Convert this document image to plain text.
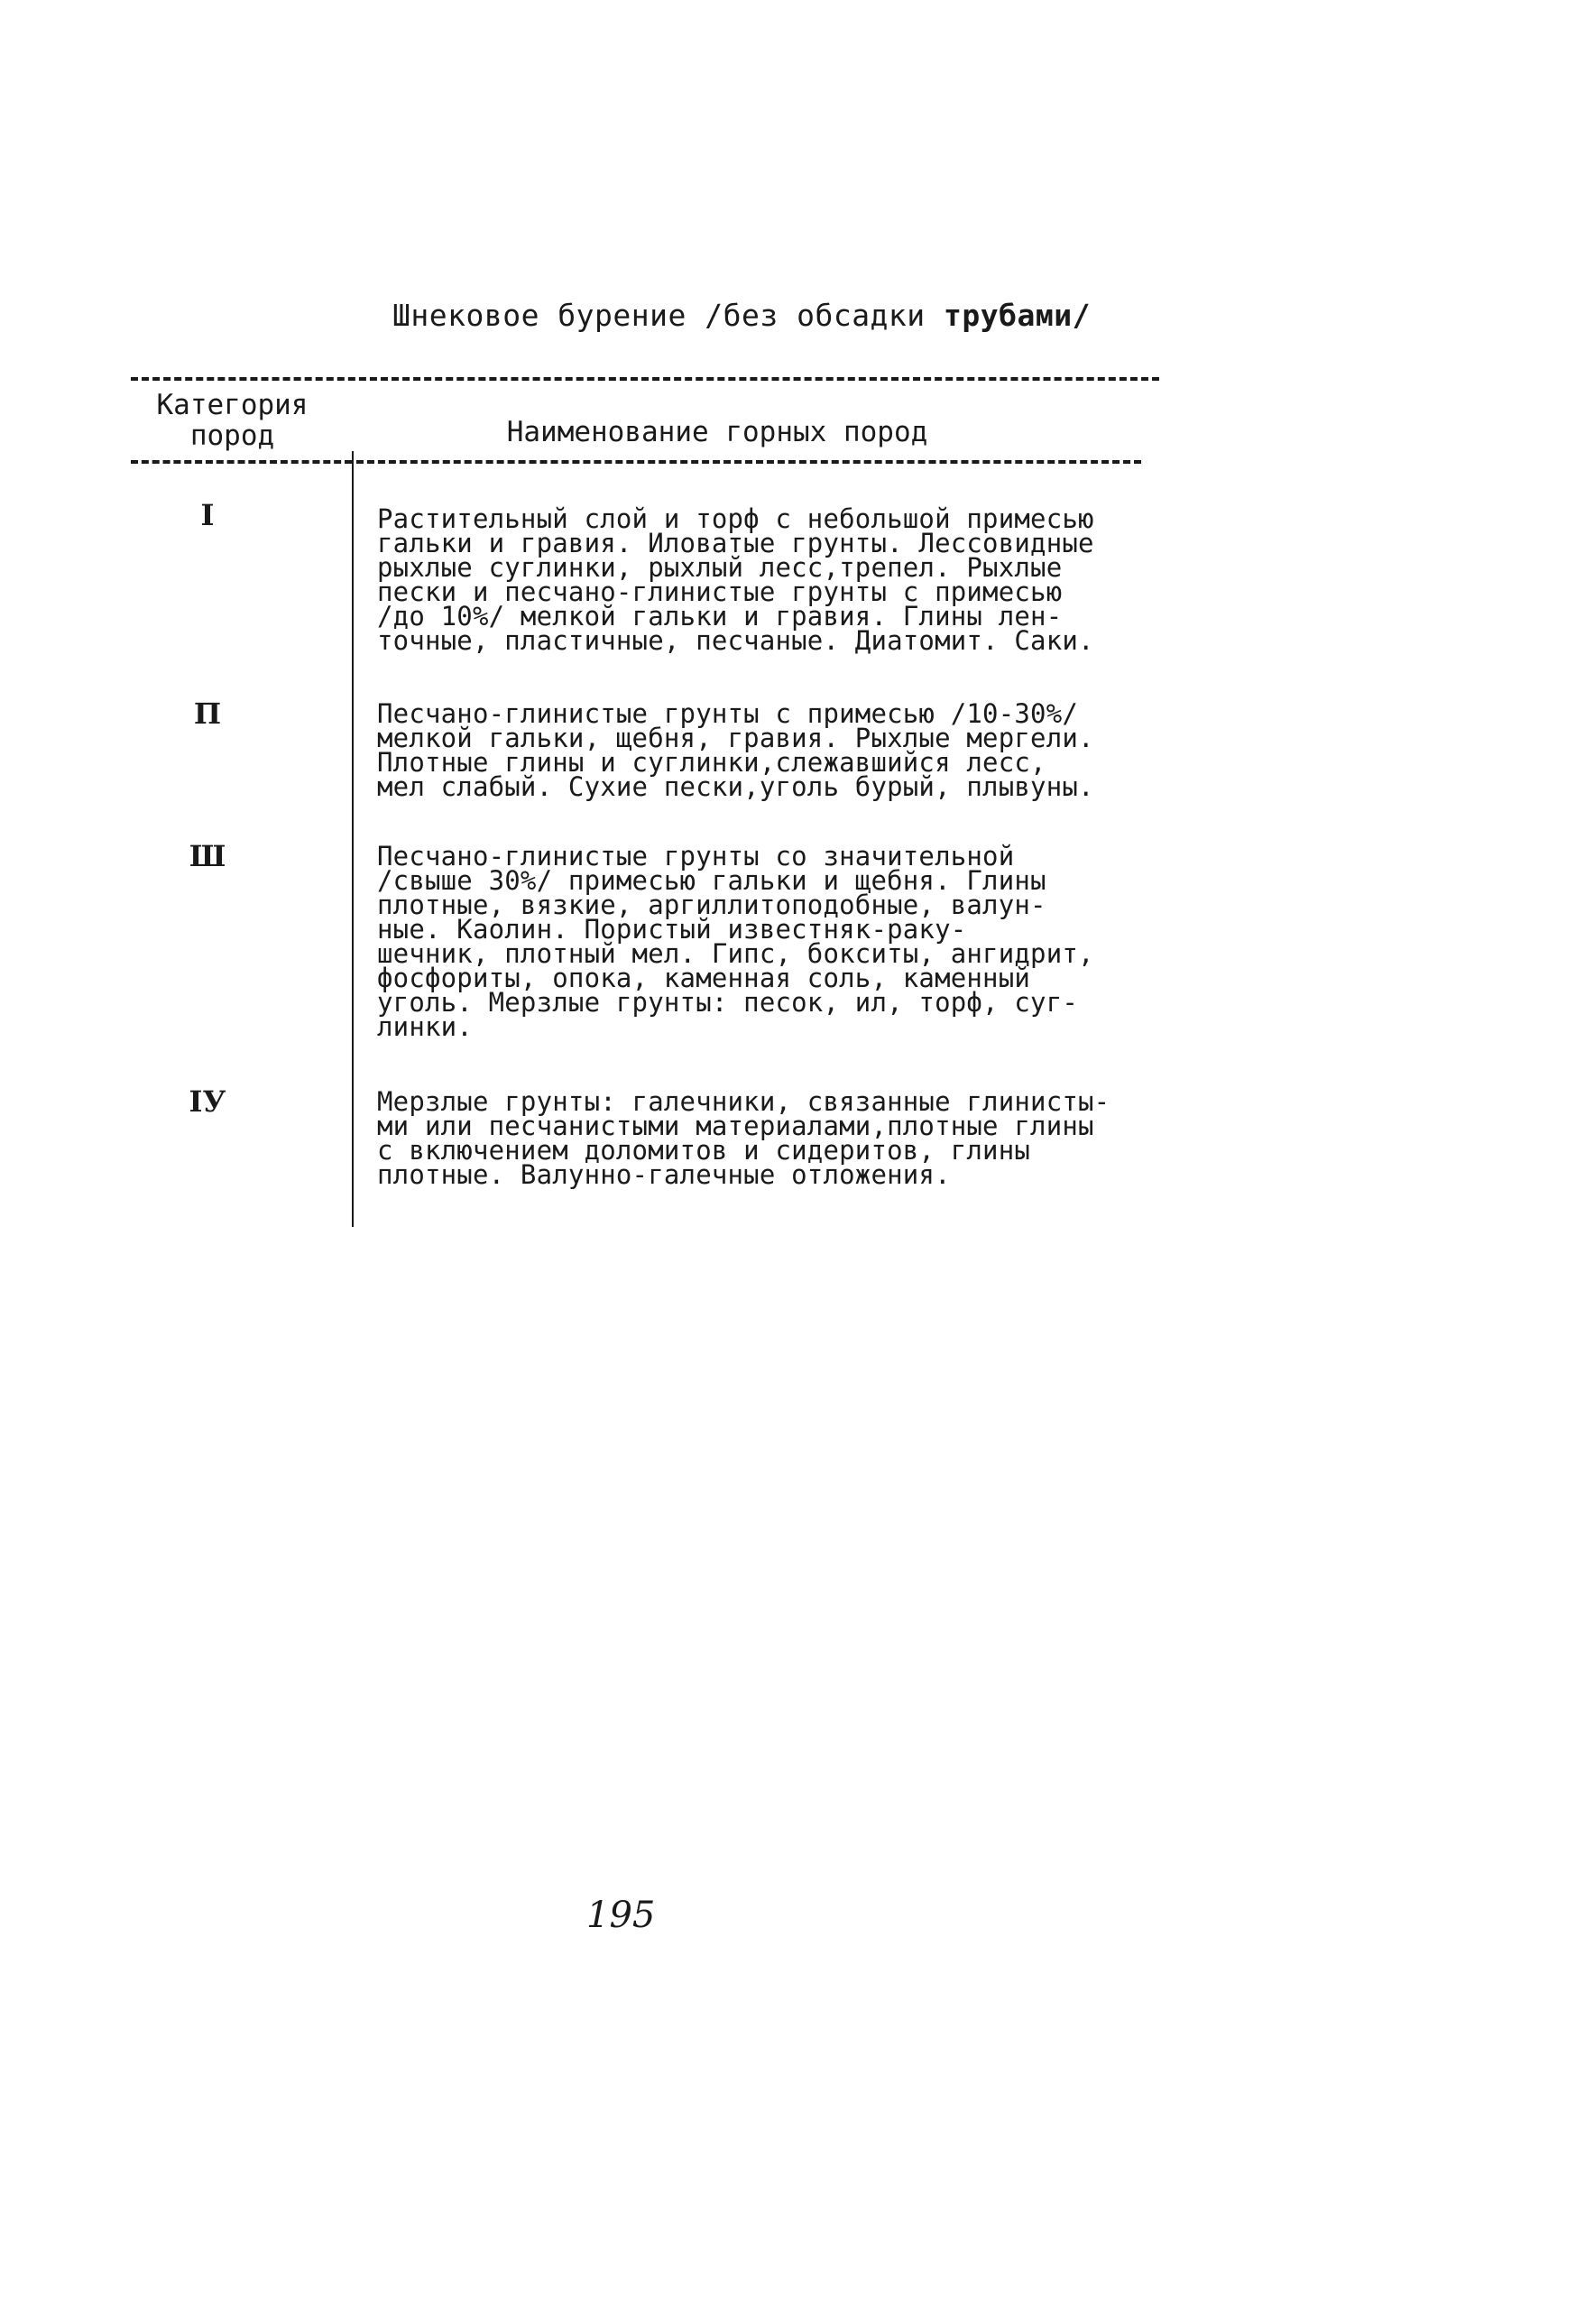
Шнековое бурение /без обсадки трубами/
Категория
пород	Наименование горных пород
I	Растительный слой и торф с небольшой примесью
гальки и гравия. Иловатые грунты. Лессовидные
рыхлые суглинки, рыхлый лесс,трепел. Рыхлые
пески и песчано-глинистые грунты с примесью
/до 10%/ мелкой гальки и гравия. Глины лен-
точные, пластичные, песчаные. Диатомит. Саки.
П	Песчано-глинистые грунты с примесью /10-30%/
мелкой гальки, щебня, гравия. Рыхлые мергели.
Плотные глины и суглинки,слежавшийся лесс,
мел слабый. Сухие пески,уголь бурый, плывуны.
Ш	Песчано-глинистые грунты со значительной
/свыше 30%/ примесью гальки и щебня. Глины
плотные, вязкие, аргиллитоподобные, валун-
ные. Каолин. Пористый известняк-раку-
шечник, плотный мел. Гипс, бокситы, ангидрит,
фосфориты, опока, каменная соль, каменный
уголь. Мерзлые грунты: песок, ил, торф, суг-
линки.
IУ	Мерзлые грунты: галечники, связанные глинисты-
ми или песчанистыми материалами,плотные глины
с включением доломитов и сидеритов, глины
плотные. Валунно-галечные отложения.
195
